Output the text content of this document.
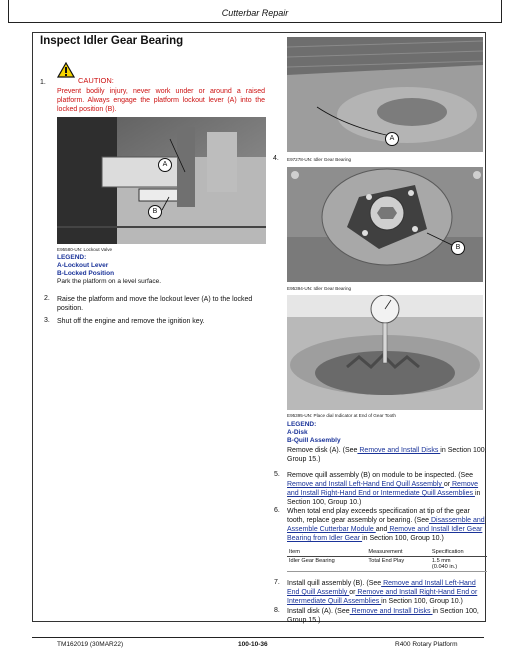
Cutterbar Repair
Inspect Idler Gear Bearing
1.	CAUTION:
Prevent bodily injury, never work under or around a raised platform. Always engage the platform lockout lever (A) into the locked position (B).
A
B
E95580-UN: Lockout Valve
LEGEND:
A-Lockout Lever
B-Locked Position
Park the platform on a level surface.
2. Raise the platform and move the lockout lever (A) to the locked position.
3. Shut off the engine and remove the ignition key.
A
4. E97278-UN: Idler Gear Bearing
B
E95394-UN: Idler Gear Bearing
E95395-UN: Place dial Indicator at End of Gear Tooth
LEGEND:
A-Disk
B-Quill Assembly
Remove disk (A). (See Remove and Install Disks in Section 100, Group 15.)
5. Remove quill assembly (B) on module to be inspected. (See Remove and Install Left-Hand End Quill Assembly or Remove and Install Right-Hand End or Intermediate Quill Assemblies in Section 100, Group 10.)
6. When total end play exceeds specification at tip of the gear tooth, replace gear assembly or bearing. (See Disassemble and Assemble Cutterbar Module and Remove and Install Idler Gear Bearing from Idler Gear in Section 100, Group 10.)
Item	Measurement	Specification
Idler Gear Bearing	Total End Play	1.5 mm
(0.040 in.)
7. Install quill assembly (B). (See Remove and Install Left-Hand End Quill Assembly or Remove and Install Right-Hand End or Intermediate Quill Assemblies in Section 100, Group 10.)
8. Install disk (A). (See Remove and Install Disks in Section 100, Group 15.)
TM162019 (30MAR22)	100-10-36	R400 Rotary Platform
